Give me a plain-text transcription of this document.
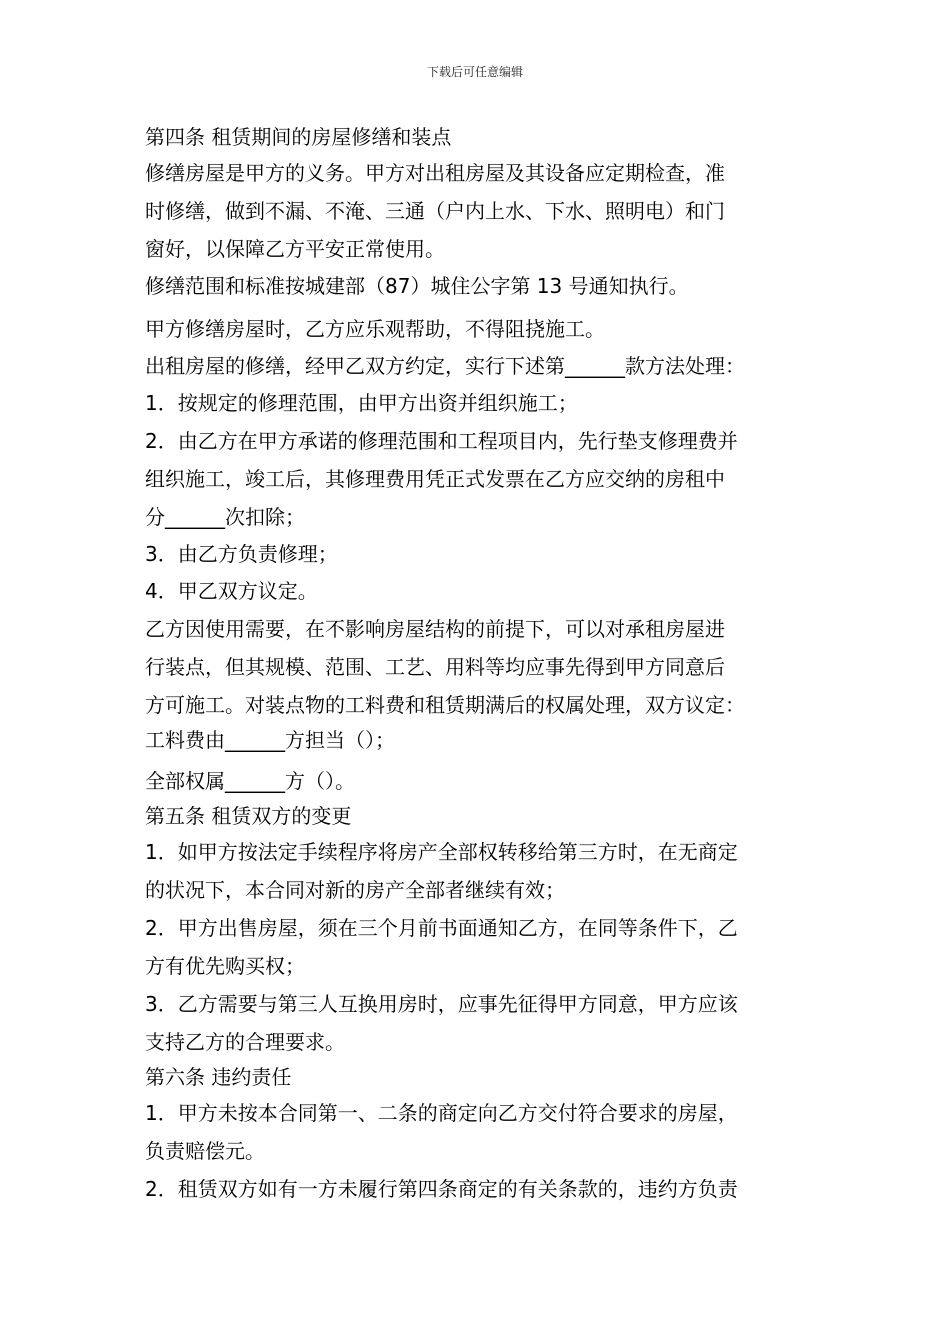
下载后可任意编辑

第四条 租赁期间的房屋修缮和装点

修缮房屋是甲方的义务。甲方对出租房屋及其设备应定期检查，准

时修缮，做到不漏、不淹、三通（户内上水、下水、照明电）和门

窗好，以保障乙方平安正常使用。

修缮范围和标准按城建部（87）城住公字第 13 号通知执行。

甲方修缮房屋时，乙方应乐观帮助，不得阻挠施工。

出租房屋的修缮，经甲乙双方约定，实行下述第______款方法处理：

1．按规定的修理范围，由甲方出资并组织施工；

2．由乙方在甲方承诺的修理范围和工程项目内，先行垫支修理费并

组织施工，竣工后，其修理费用凭正式发票在乙方应交纳的房租中

分______次扣除；

3．由乙方负责修理；

4．甲乙双方议定。

乙方因使用需要，在不影响房屋结构的前提下，可以对承租房屋进

行装点，但其规模、范围、工艺、用料等均应事先得到甲方同意后

方可施工。对装点物的工料费和租赁期满后的权属处理，双方议定：

工料费由______方担当（）；

全部权属______方（）。

第五条 租赁双方的变更

1．如甲方按法定手续程序将房产全部权转移给第三方时，在无商定

的状况下，本合同对新的房产全部者继续有效；

2．甲方出售房屋，须在三个月前书面通知乙方，在同等条件下，乙

方有优先购买权；

3．乙方需要与第三人互换用房时，应事先征得甲方同意，甲方应该

支持乙方的合理要求。

第六条 违约责任

1．甲方未按本合同第一、二条的商定向乙方交付符合要求的房屋，

负责赔偿元。

2．租赁双方如有一方未履行第四条商定的有关条款的，违约方负责
